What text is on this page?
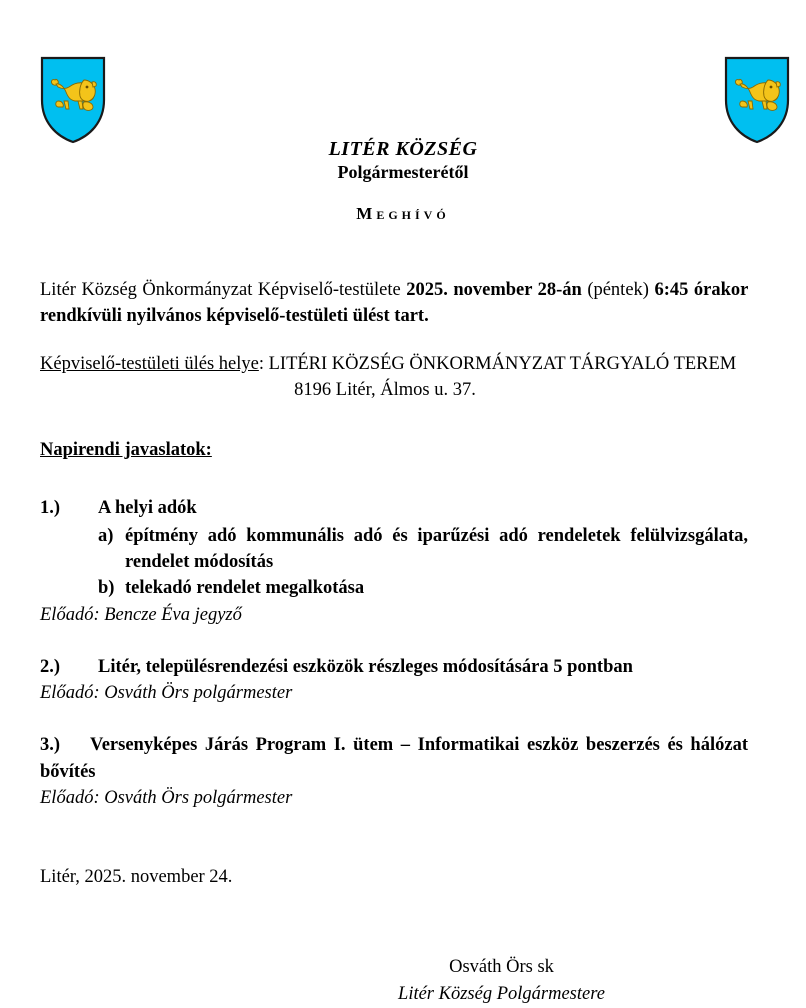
LITÉR KÖZSÉG
Polgármesterétől
Meghívó

Litér Község Önkormányzat Képviselő-testülete 2025. november 28-án (péntek) 6:45 órakor rendkívüli nyilvános képviselő-testületi ülést tart.

Képviselő-testületi ülés helye: LITÉRI KÖZSÉG ÖNKORMÁNYZAT TÁRGYALÓ TEREM
8196 Litér, Álmos u. 37.
Napirendi javaslatok:
1.)	A helyi adók
a) építmény adó kommunális adó és iparűzési adó rendeletek felülvizsgálata, rendelet módosítás
b) telekadó rendelet megalkotása
Előadó: Bencze Éva jegyző
2.)	Litér, településrendezési eszközök részleges módosítására 5 pontban
Előadó: Osváth Örs polgármester
3.) Versenyképes Járás Program I. ütem – Informatikai eszköz beszerzés és hálózat bővítés
Előadó: Osváth Örs polgármester
Litér, 2025. november 24.
Osváth Örs sk
Litér Község Polgármestere
